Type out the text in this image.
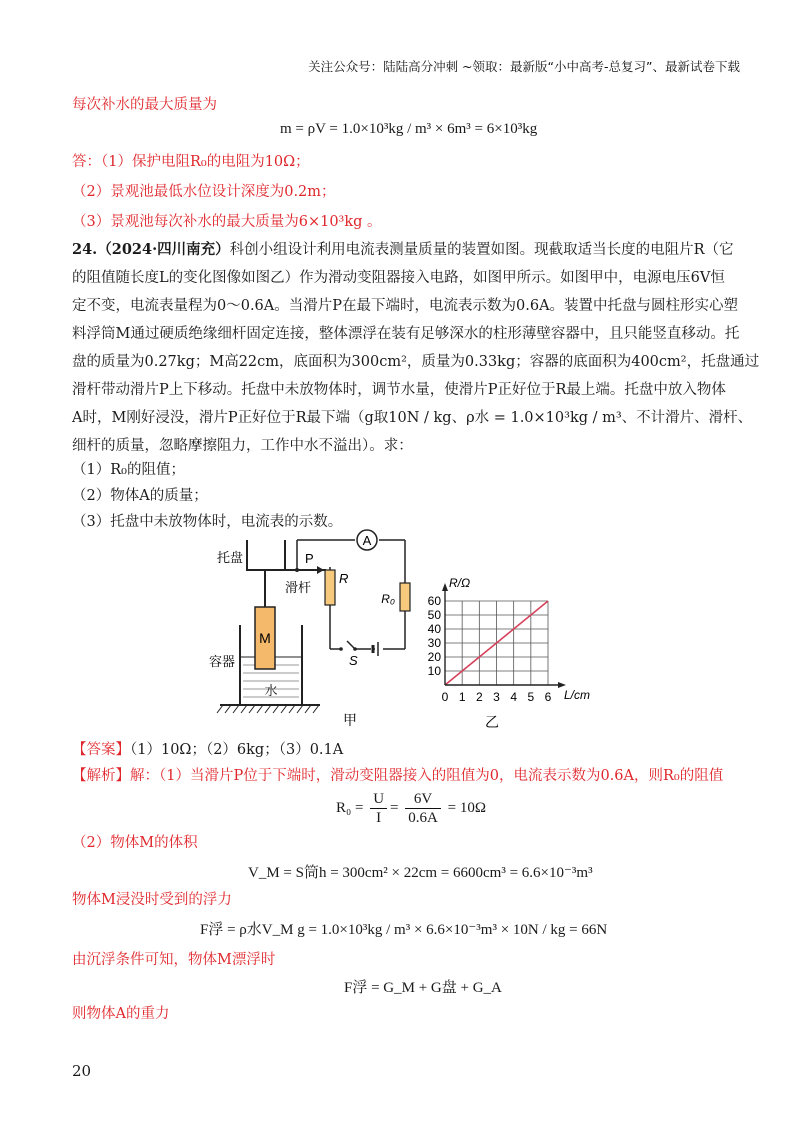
关注公众号：陆陆高分冲刺 ~领取：最新版“小中高考-总复习”、最新试卷下载
每次补水的最大质量为
m = ρV = 1.0×10³kg / m³ × 6m³ = 6×10³kg
答：（1）保护电阻R₀的电阻为10Ω；
（2）景观池最低水位设计深度为0.2m；
（3）景观池每次补水的最大质量为6×10³kg 。
24.（2024·四川南充）科创小组设计利用电流表测量质量的装置如图。现截取适当长度的电阻片R（它
的阻值随长度L的变化图像如图乙）作为滑动变阻器接入电路，如图甲所示。如图甲中，电源电压6V恒
定不变，电流表量程为0～0.6A。当滑片P在最下端时，电流表示数为0.6A。装置中托盘与圆柱形实心塑
料浮筒M通过硬质绝缘细杆固定连接，整体漂浮在装有足够深水的柱形薄壁容器中，且只能竖直移动。托
盘的质量为0.27kg；M高22cm，底面积为300cm²，质量为0.33kg；容器的底面积为400cm²，托盘通过
滑杆带动滑片P上下移动。托盘中未放物体时，调节水量，使滑片P正好位于R最上端。托盘中放入物体
A时，M刚好浸没，滑片P正好位于R最下端（g取10N / kg、ρ水 = 1.0×10³kg / m³、不计滑片、滑杆、
细杆的质量，忽略摩擦阻力，工作中水不溢出）。求：
（1）R₀的阻值；
（2）物体A的质量；
（3）托盘中未放物体时，电流表的示数。
M
水
容器
托盘
滑杆
S
A
R
P
R₀
甲
0 1 2 3 4 5 6
10
20
30
40
50
60
R/Ω
L/cm
乙
【答案】（1）10Ω；（2）6kg；（3）0.1A
【解析】解：（1）当滑片P位于下端时，滑动变阻器接入的阻值为0，电流表示数为0.6A，则R₀的阻值
$R_0 = \frac{U}{I} = \frac{6V}{0.6A} = 10\Omega$
（2）物体M的体积
V_M = S筒h = 300cm² × 22cm = 6600cm³ = 6.6×10⁻³m³
物体M浸没时受到的浮力
F浮 = ρ水V_M g = 1.0×10³kg / m³ × 6.6×10⁻³m³ × 10N / kg = 66N
由沉浮条件可知，物体M漂浮时
F浮 = G_M + G盘 + G_A
则物体A的重力
20
